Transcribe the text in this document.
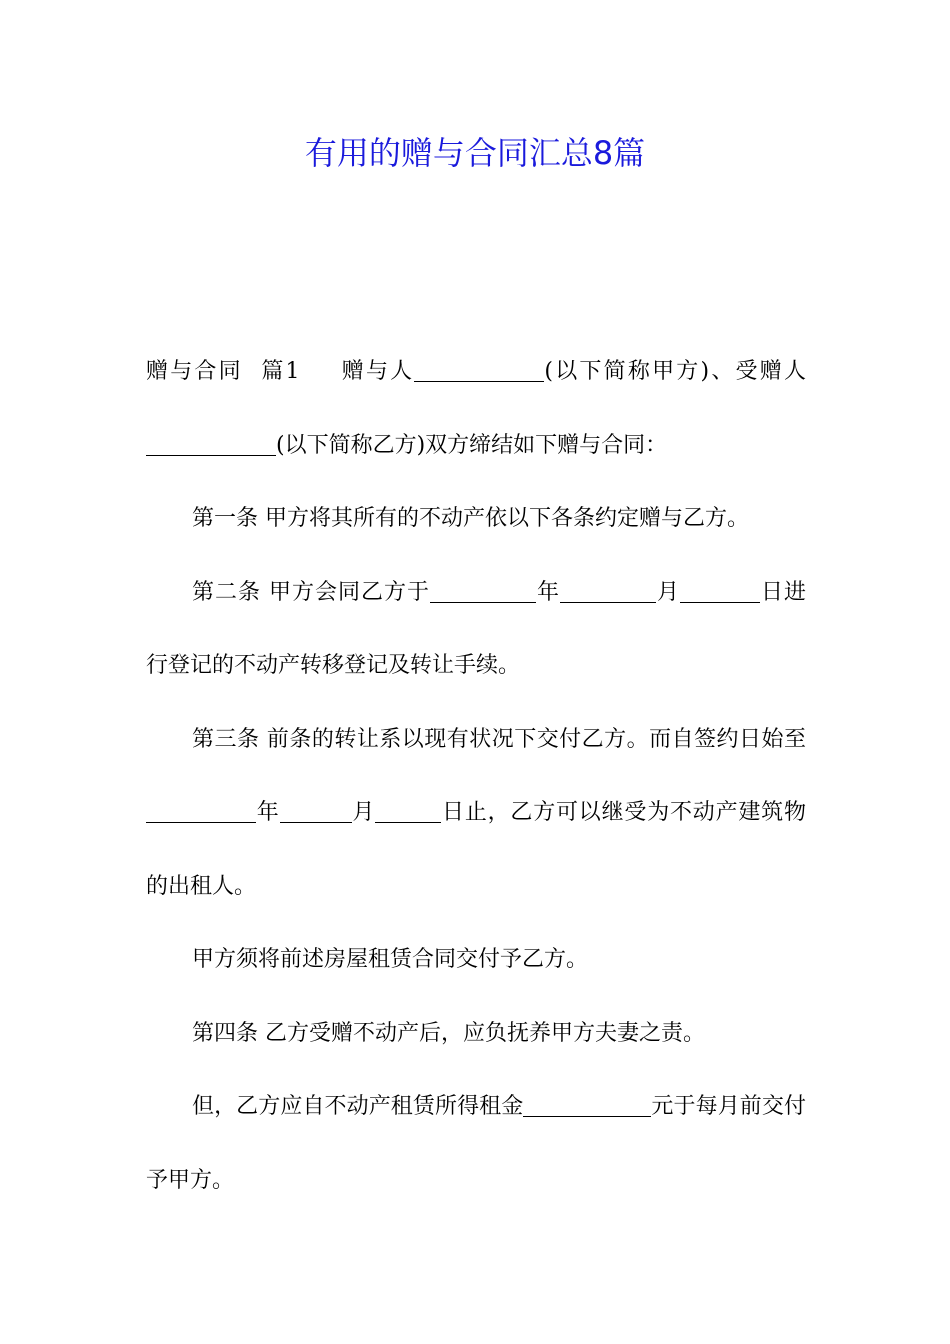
有用的赠与合同汇总8篇

赠与合同 篇1 赠与人	(以下简称甲方)、受赠人(以下简称乙方)双方缔结如下赠与合同：

第一条 甲方将其所有的不动产依以下各条约定赠与乙方。

第二条 甲方会同乙方于	年	月	日进行登记的不动产转移登记及转让手续。

第三条 前条的转让系以现有状况下交付乙方。而自签约日始至年	月	日止，乙方可以继受为不动产建筑物的出租人。

甲方须将前述房屋租赁合同交付予乙方。

第四条 乙方受赠不动产后，应负抚养甲方夫妻之责。

但，乙方应自不动产租赁所得租金	元于每月前交付予甲方。
